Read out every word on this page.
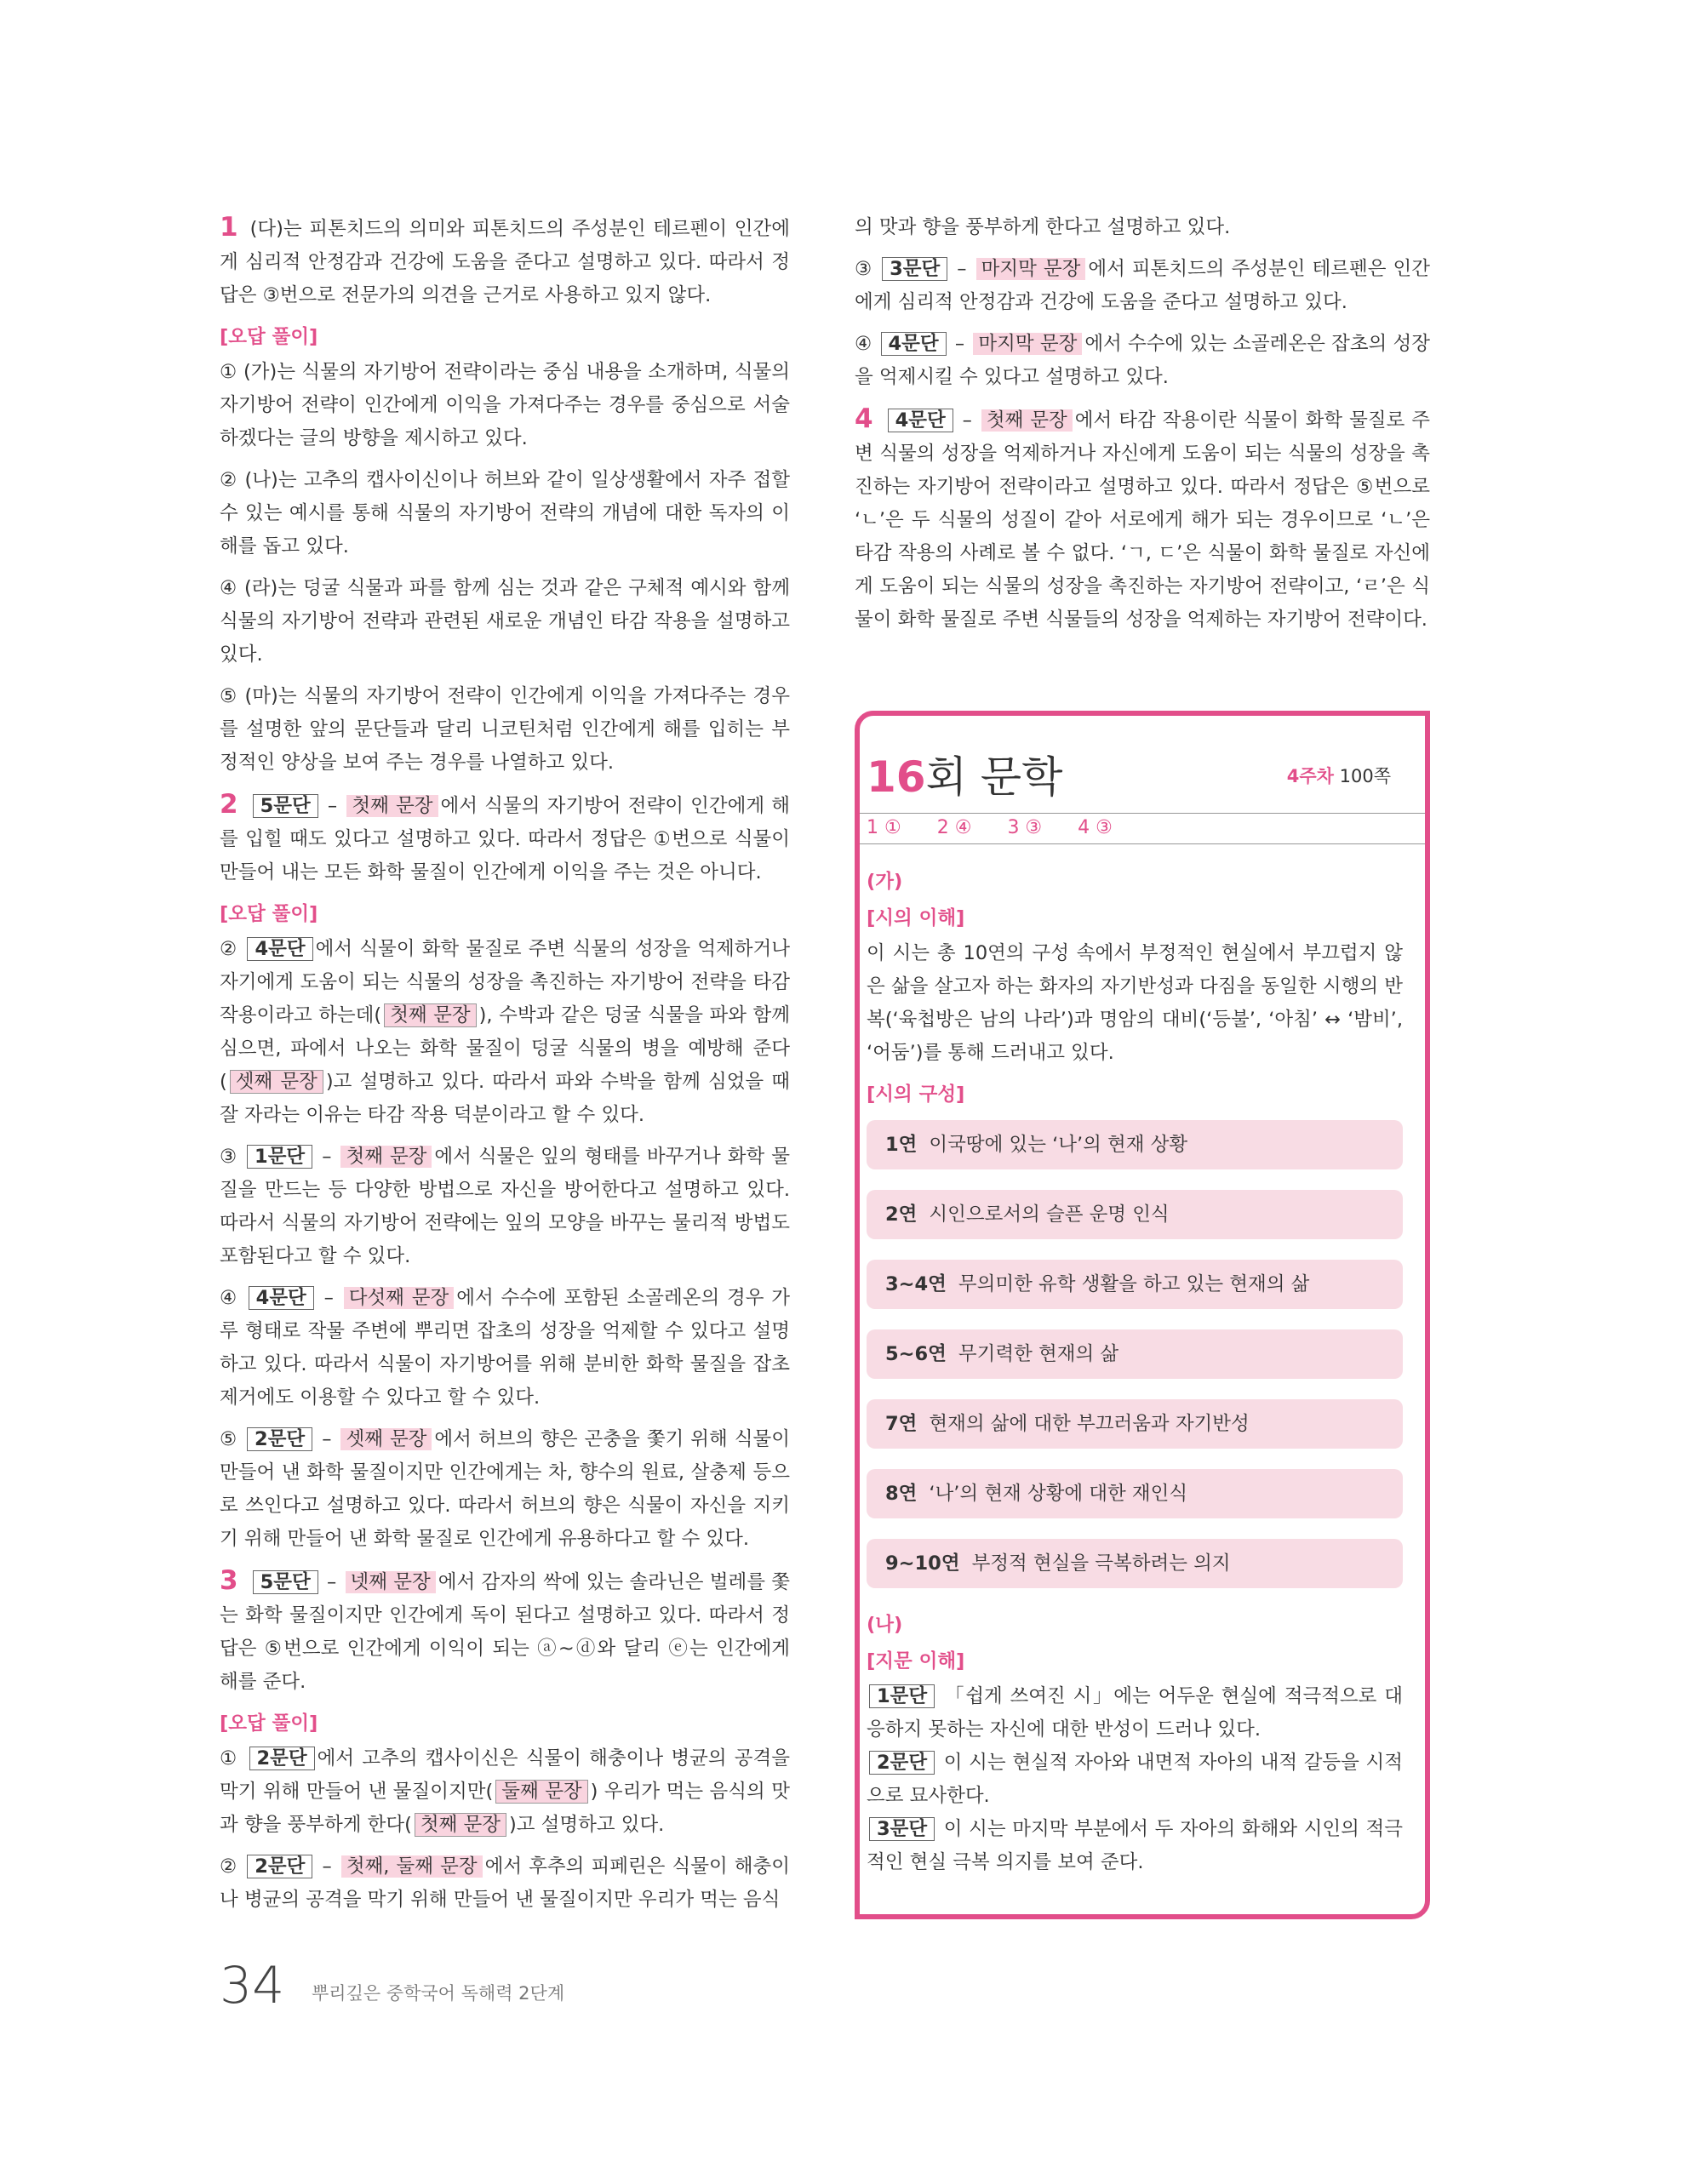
1 (다)는 피톤치드의 의미와 피톤치드의 주성분인 테르펜이 인간에게 심리적 안정감과 건강에 도움을 준다고 설명하고 있다. 따라서 정답은 ③번으로 전문가의 의견을 근거로 사용하고 있지 않다.

[오답 풀이]

① (가)는 식물의 자기방어 전략이라는 중심 내용을 소개하며, 식물의 자기방어 전략이 인간에게 이익을 가져다주는 경우를 중심으로 서술하겠다는 글의 방향을 제시하고 있다.

② (나)는 고추의 캡사이신이나 허브와 같이 일상생활에서 자주 접할 수 있는 예시를 통해 식물의 자기방어 전략의 개념에 대한 독자의 이해를 돕고 있다.

④ (라)는 덩굴 식물과 파를 함께 심는 것과 같은 구체적 예시와 함께 식물의 자기방어 전략과 관련된 새로운 개념인 타감 작용을 설명하고 있다.

⑤ (마)는 식물의 자기방어 전략이 인간에게 이익을 가져다주는 경우를 설명한 앞의 문단들과 달리 니코틴처럼 인간에게 해를 입히는 부정적인 양상을 보여 주는 경우를 나열하고 있다.

2 5문단 – 첫째 문장 에서 식물의 자기방어 전략이 인간에게 해를 입힐 때도 있다고 설명하고 있다. 따라서 정답은 ①번으로 식물이 만들어 내는 모든 화학 물질이 인간에게 이익을 주는 것은 아니다.

[오답 풀이]

② 4문단 에서 식물이 화학 물질로 주변 식물의 성장을 억제하거나 자기에게 도움이 되는 식물의 성장을 촉진하는 자기방어 전략을 타감 작용이라고 하는데( 첫째 문장 ), 수박과 같은 덩굴 식물을 파와 함께 심으면, 파에서 나오는 화학 물질이 덩굴 식물의 병을 예방해 준다( 셋째 문장 )고 설명하고 있다. 따라서 파와 수박을 함께 심었을 때 잘 자라는 이유는 타감 작용 덕분이라고 할 수 있다.

③ 1문단 – 첫째 문장 에서 식물은 잎의 형태를 바꾸거나 화학 물질을 만드는 등 다양한 방법으로 자신을 방어한다고 설명하고 있다. 따라서 식물의 자기방어 전략에는 잎의 모양을 바꾸는 물리적 방법도 포함된다고 할 수 있다.

④ 4문단 – 다섯째 문장 에서 수수에 포함된 소골레온의 경우 가루 형태로 작물 주변에 뿌리면 잡초의 성장을 억제할 수 있다고 설명하고 있다. 따라서 식물이 자기방어를 위해 분비한 화학 물질을 잡초 제거에도 이용할 수 있다고 할 수 있다.

⑤ 2문단 – 셋째 문장 에서 허브의 향은 곤충을 쫓기 위해 식물이 만들어 낸 화학 물질이지만 인간에게는 차, 향수의 원료, 살충제 등으로 쓰인다고 설명하고 있다. 따라서 허브의 향은 식물이 자신을 지키기 위해 만들어 낸 화학 물질로 인간에게 유용하다고 할 수 있다.

3 5문단 – 넷째 문장 에서 감자의 싹에 있는 솔라닌은 벌레를 쫓는 화학 물질이지만 인간에게 독이 된다고 설명하고 있다. 따라서 정답은 ⑤번으로 인간에게 이익이 되는 ⓐ~ⓓ와 달리 ⓔ는 인간에게 해를 준다.

[오답 풀이]

① 2문단 에서 고추의 캡사이신은 식물이 해충이나 병균의 공격을 막기 위해 만들어 낸 물질이지만( 둘째 문장 ) 우리가 먹는 음식의 맛과 향을 풍부하게 한다( 첫째 문장 )고 설명하고 있다.

② 2문단 – 첫째, 둘째 문장 에서 후추의 피페린은 식물이 해충이나 병균의 공격을 막기 위해 만들어 낸 물질이지만 우리가 먹는 음식

의 맛과 향을 풍부하게 한다고 설명하고 있다.

③ 3문단 – 마지막 문장 에서 피톤치드의 주성분인 테르펜은 인간에게 심리적 안정감과 건강에 도움을 준다고 설명하고 있다.

④ 4문단 – 마지막 문장 에서 수수에 있는 소골레온은 잡초의 성장을 억제시킬 수 있다고 설명하고 있다.

4 4문단 – 첫째 문장 에서 타감 작용이란 식물이 화학 물질로 주변 식물의 성장을 억제하거나 자신에게 도움이 되는 식물의 성장을 촉진하는 자기방어 전략이라고 설명하고 있다. 따라서 정답은 ⑤번으로 ‘ㄴ’은 두 식물의 성질이 같아 서로에게 해가 되는 경우이므로 ‘ㄴ’은 타감 작용의 사례로 볼 수 없다. ‘ㄱ, ㄷ’은 식물이 화학 물질로 자신에게 도움이 되는 식물의 성장을 촉진하는 자기방어 전략이고, ‘ㄹ’은 식물이 화학 물질로 주변 식물들의 성장을 억제하는 자기방어 전략이다.

16회 문학	4주차 100쪽
1 ① 2 ④ 3 ③ 4 ③
(가)
[시의 이해]

이 시는 총 10연의 구성 속에서 부정적인 현실에서 부끄럽지 않은 삶을 살고자 하는 화자의 자기반성과 다짐을 동일한 시행의 반복(‘육첩방은 남의 나라’)과 명암의 대비(‘등불’, ‘아침’ ↔ ‘밤비’, ‘어둠’)를 통해 드러내고 있다.

[시의 구성]
1연 이국땅에 있는 ‘나’의 현재 상황
2연 시인으로서의 슬픈 운명 인식
3~4연 무의미한 유학 생활을 하고 있는 현재의 삶
5~6연 무기력한 현재의 삶
7연 현재의 삶에 대한 부끄러움과 자기반성
8연 ‘나’의 현재 상황에 대한 재인식
9~10연 부정적 현실을 극복하려는 의지
(나)
[지문 이해]

1문단 「쉽게 쓰여진 시」에는 어두운 현실에 적극적으로 대응하지 못하는 자신에 대한 반성이 드러나 있다.

2문단 이 시는 현실적 자아와 내면적 자아의 내적 갈등을 시적으로 묘사한다.

3문단 이 시는 마지막 부분에서 두 자아의 화해와 시인의 적극적인 현실 극복 의지를 보여 준다.

34 뿌리깊은 중학국어 독해력 2단계
